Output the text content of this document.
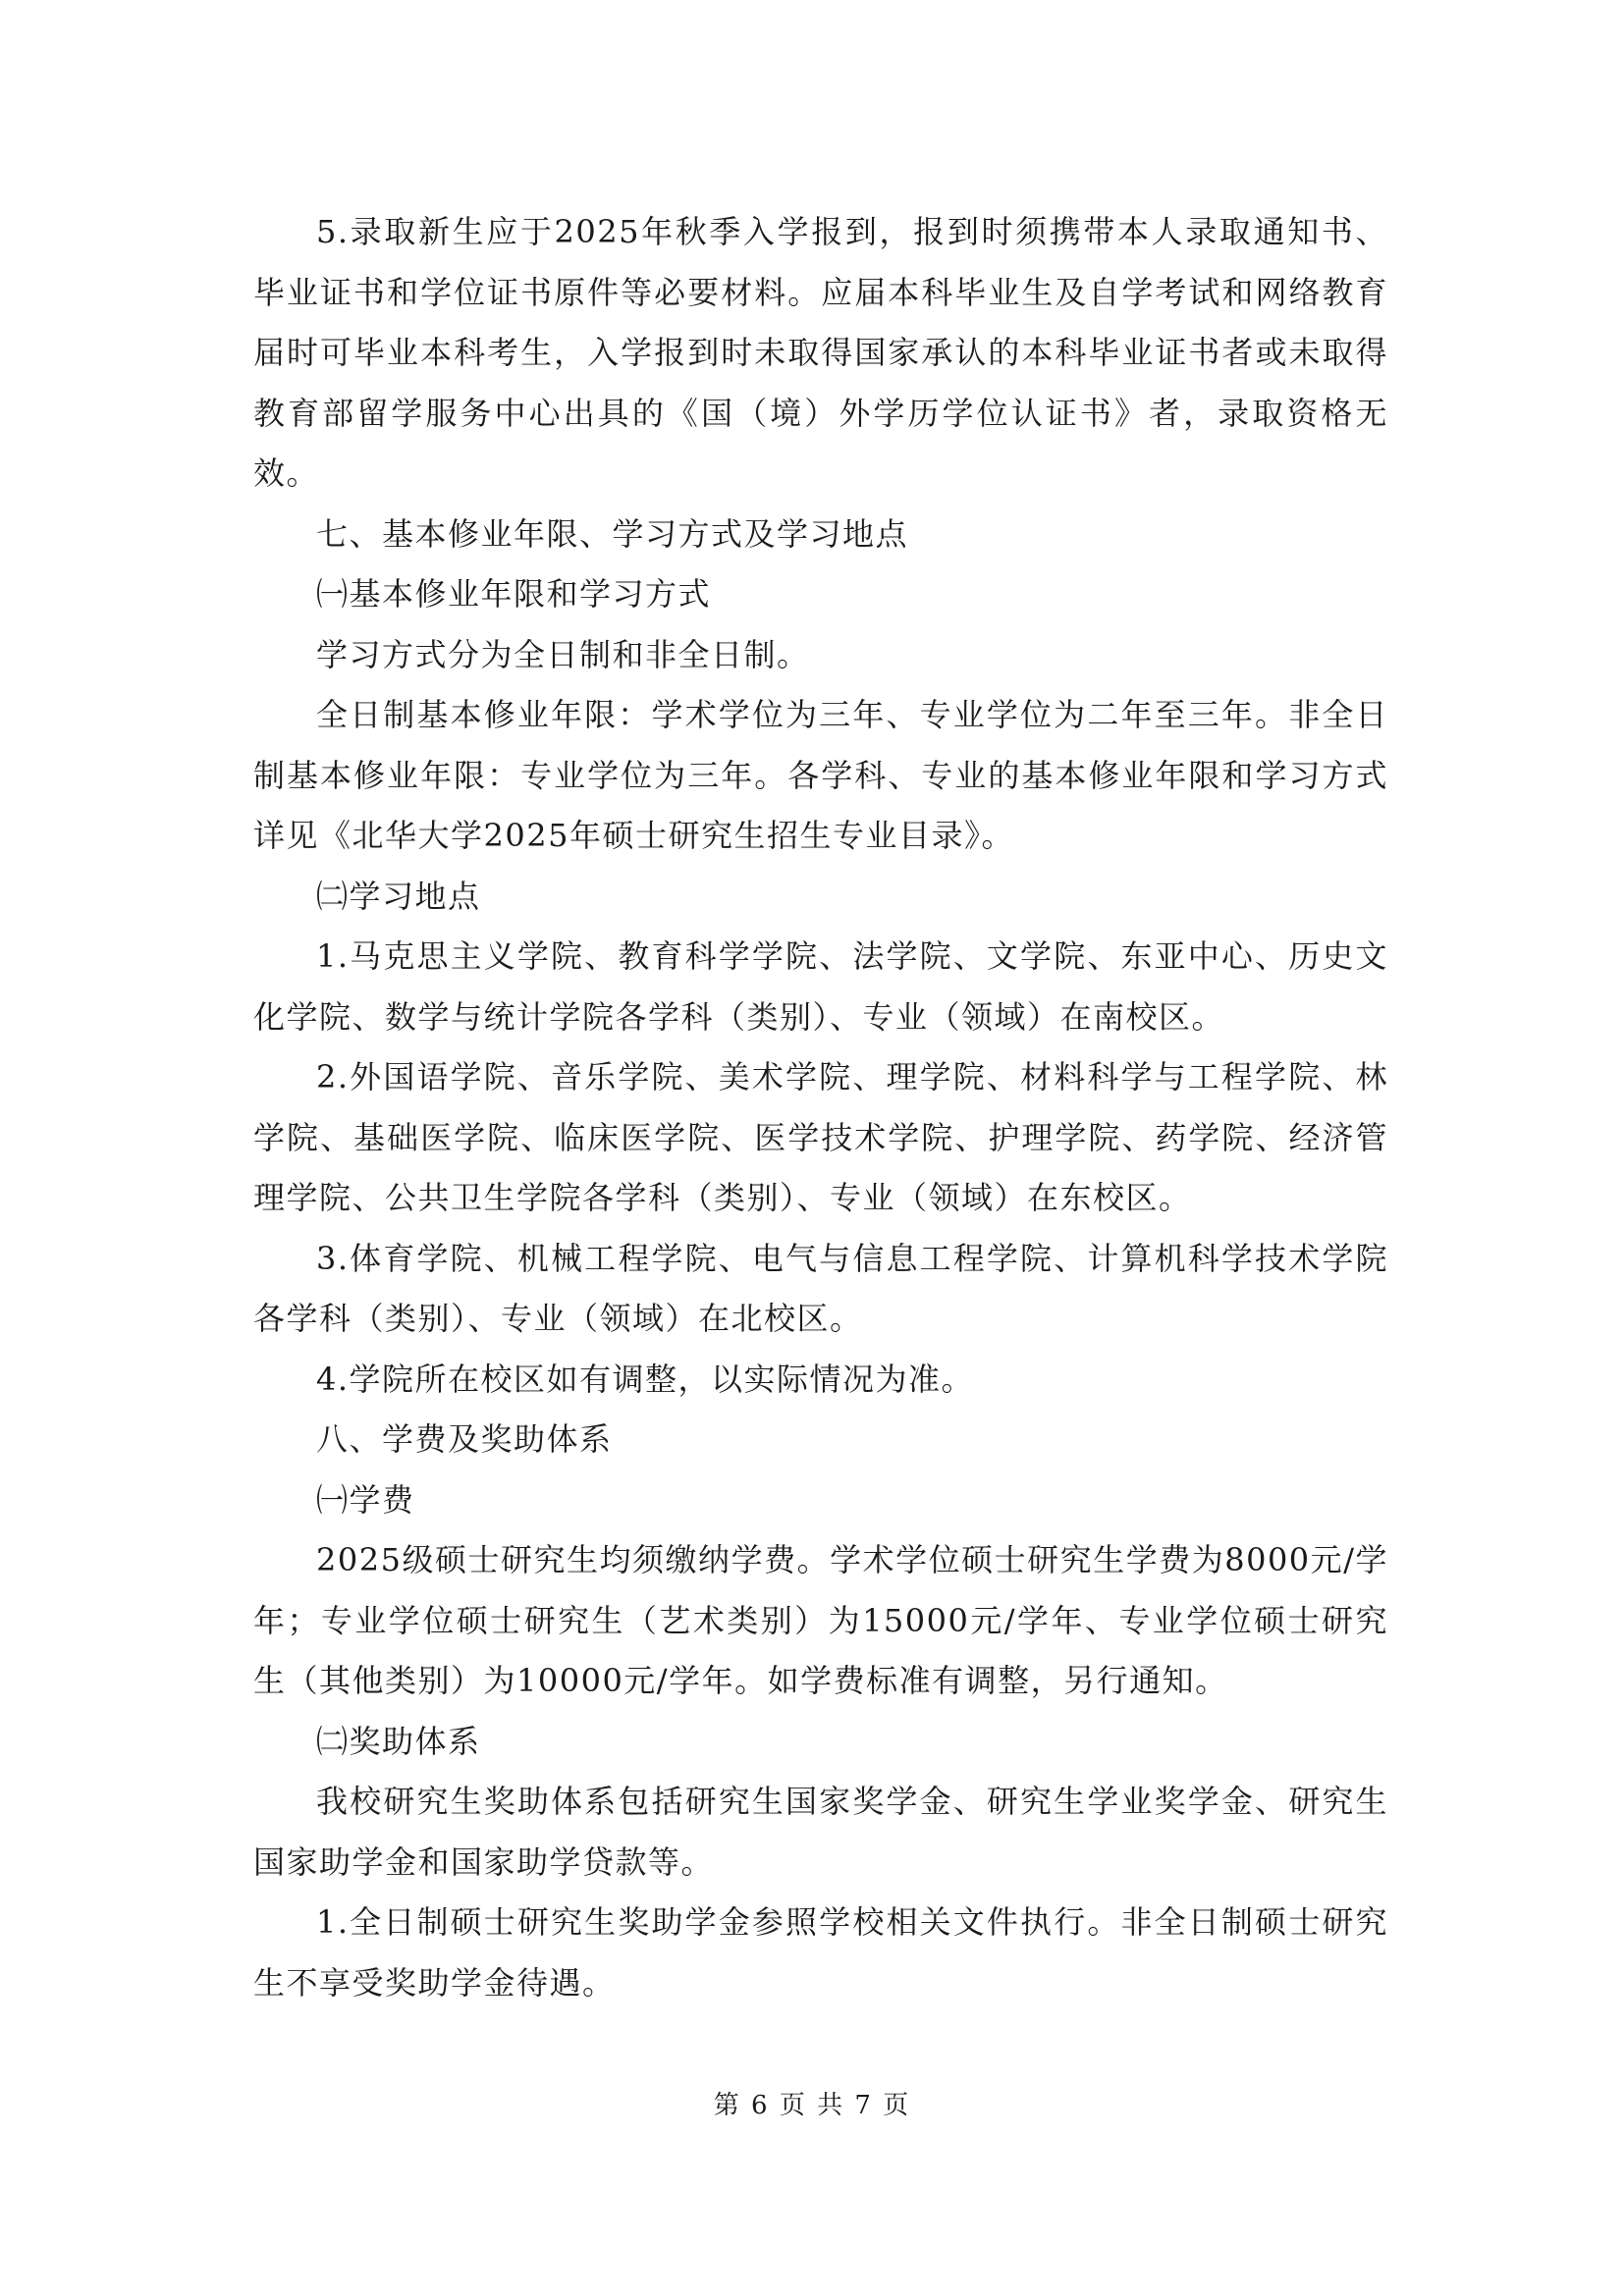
5.录取新生应于2025年秋季入学报到，报到时须携带本人录取通知书、毕业证书和学位证书原件等必要材料。应届本科毕业生及自学考试和网络教育届时可毕业本科考生，入学报到时未取得国家承认的本科毕业证书者或未取得教育部留学服务中心出具的《国（境）外学历学位认证书》者，录取资格无效。

七、基本修业年限、学习方式及学习地点

㈠基本修业年限和学习方式

学习方式分为全日制和非全日制。

全日制基本修业年限：学术学位为三年、专业学位为二年至三年。非全日制基本修业年限：专业学位为三年。各学科、专业的基本修业年限和学习方式详见《北华大学2025年硕士研究生招生专业目录》。

㈡学习地点

1.马克思主义学院、教育科学学院、法学院、文学院、东亚中心、历史文化学院、数学与统计学院各学科（类别）、专业（领域）在南校区。

2.外国语学院、音乐学院、美术学院、理学院、材料科学与工程学院、林学院、基础医学院、临床医学院、医学技术学院、护理学院、药学院、经济管理学院、公共卫生学院各学科（类别）、专业（领域）在东校区。

3.体育学院、机械工程学院、电气与信息工程学院、计算机科学技术学院各学科（类别）、专业（领域）在北校区。

4.学院所在校区如有调整，以实际情况为准。

八、学费及奖助体系

㈠学费

2025级硕士研究生均须缴纳学费。学术学位硕士研究生学费为8000元/学年；专业学位硕士研究生（艺术类别）为15000元/学年、专业学位硕士研究生（其他类别）为10000元/学年。如学费标准有调整，另行通知。

㈡奖助体系

我校研究生奖助体系包括研究生国家奖学金、研究生学业奖学金、研究生国家助学金和国家助学贷款等。

1.全日制硕士研究生奖助学金参照学校相关文件执行。非全日制硕士研究生不享受奖助学金待遇。

第 6 页 共 7 页
